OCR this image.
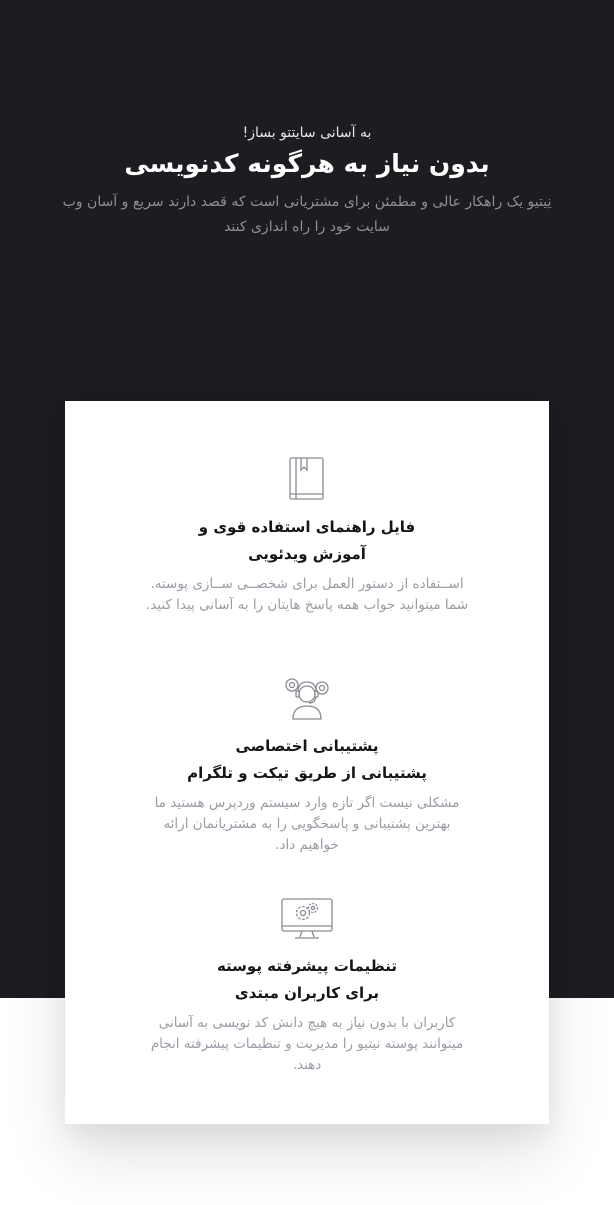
به آسانی سایتتو بساز!

بدون نیاز به هرگونه کدنویسی

نِیتیو یک راهکار عالی و مطمئن برای مشتریانی است که قصد دارند سریع و آسان وب سایت خود را راه اندازی کنند

فایل راهنمای استفاده قوی و
آموزش ویدئویی

اســتفاده از دستور العمل برای شخصــی ســازی پوسته. شما میتوانید جواب همه پاسخ هایتان را به آسانی پیدا کنید.

پشتیبانی اختصاصی
پشتیبانی از طریق تیکت و تلگرام

مشکلی نیست اگر تازه وارد سیستم وردپرس هستید ما بهترین پشتیبانی و پاسخگویی را به مشتریانمان ارائه خواهیم داد.

تنظیمات پیشرفته پوسته
برای کاربران مبتدی

کاربران با بدون نیاز به هیچ دانش کد نویسی به آسانی میتوانند پوسته نیتیو را مدیریت و تنظیمات پیشرفته انجام دهند.
